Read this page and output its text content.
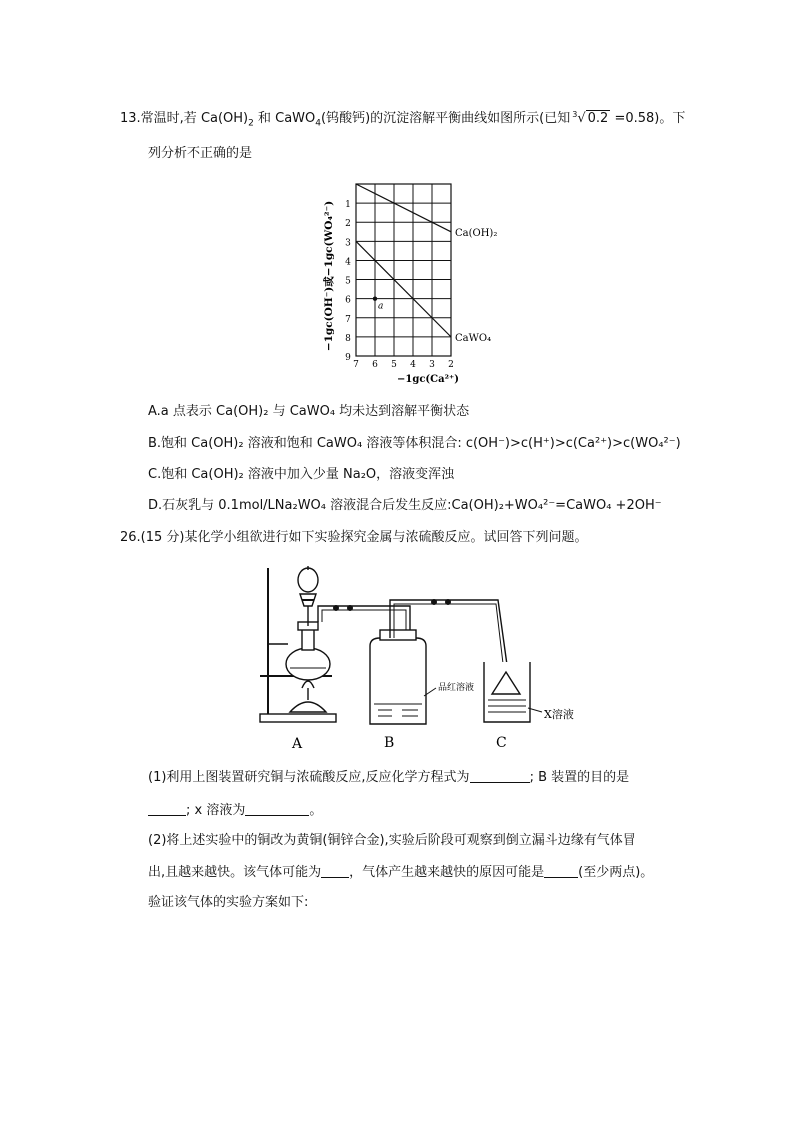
13.常温时,若 $Ca(OH)_2$ 和 CaWO$_4$(钨酸钙)的沉淀溶解平衡曲线如图所示(已知 $^3$√ 0.2 =0.58)。下
列分析不正确的是
−1gc(OH⁻)或−1gc(WO₄²⁻) 1
2
3
4
5
6
7
8
9
7 6 5 4 3 2
Ca(OH)₂
CaWO₄
a
−1gc(Ca²⁺)
A.a 点表示 Ca(OH)₂ 与 CaWO₄ 均未达到溶解平衡状态
B.饱和 Ca(OH)₂ 溶液和饱和 CaWO₄ 溶液等体积混合: c(OH⁻)>c(H⁺)>c(Ca²⁺)>c(WO₄²⁻)
C.饱和 Ca(OH)₂ 溶液中加入少量 Na₂O，溶液变浑浊
D.石灰乳与 0.1mol/LNa₂WO₄ 溶液混合后发生反应:Ca(OH)₂+WO₄²⁻=CaWO₄ +2OH⁻
26.(15 分)某化学小组欲进行如下实验探究金属与浓硫酸反应。试回答下列问题。
品红溶液
X溶液
A	B	C
(1)利用上图装置研究铜与浓硫酸反应,反应化学方程式为	; B 装置的目的是
; x 溶液为	。
(2)将上述实验中的铜改为黄铜(铜锌合金),实验后阶段可观察到倒立漏斗边缘有气体冒
出,且越来越快。该气体可能为 ，气体产生越来越快的原因可能是	(至少两点)。
验证该气体的实验方案如下:
